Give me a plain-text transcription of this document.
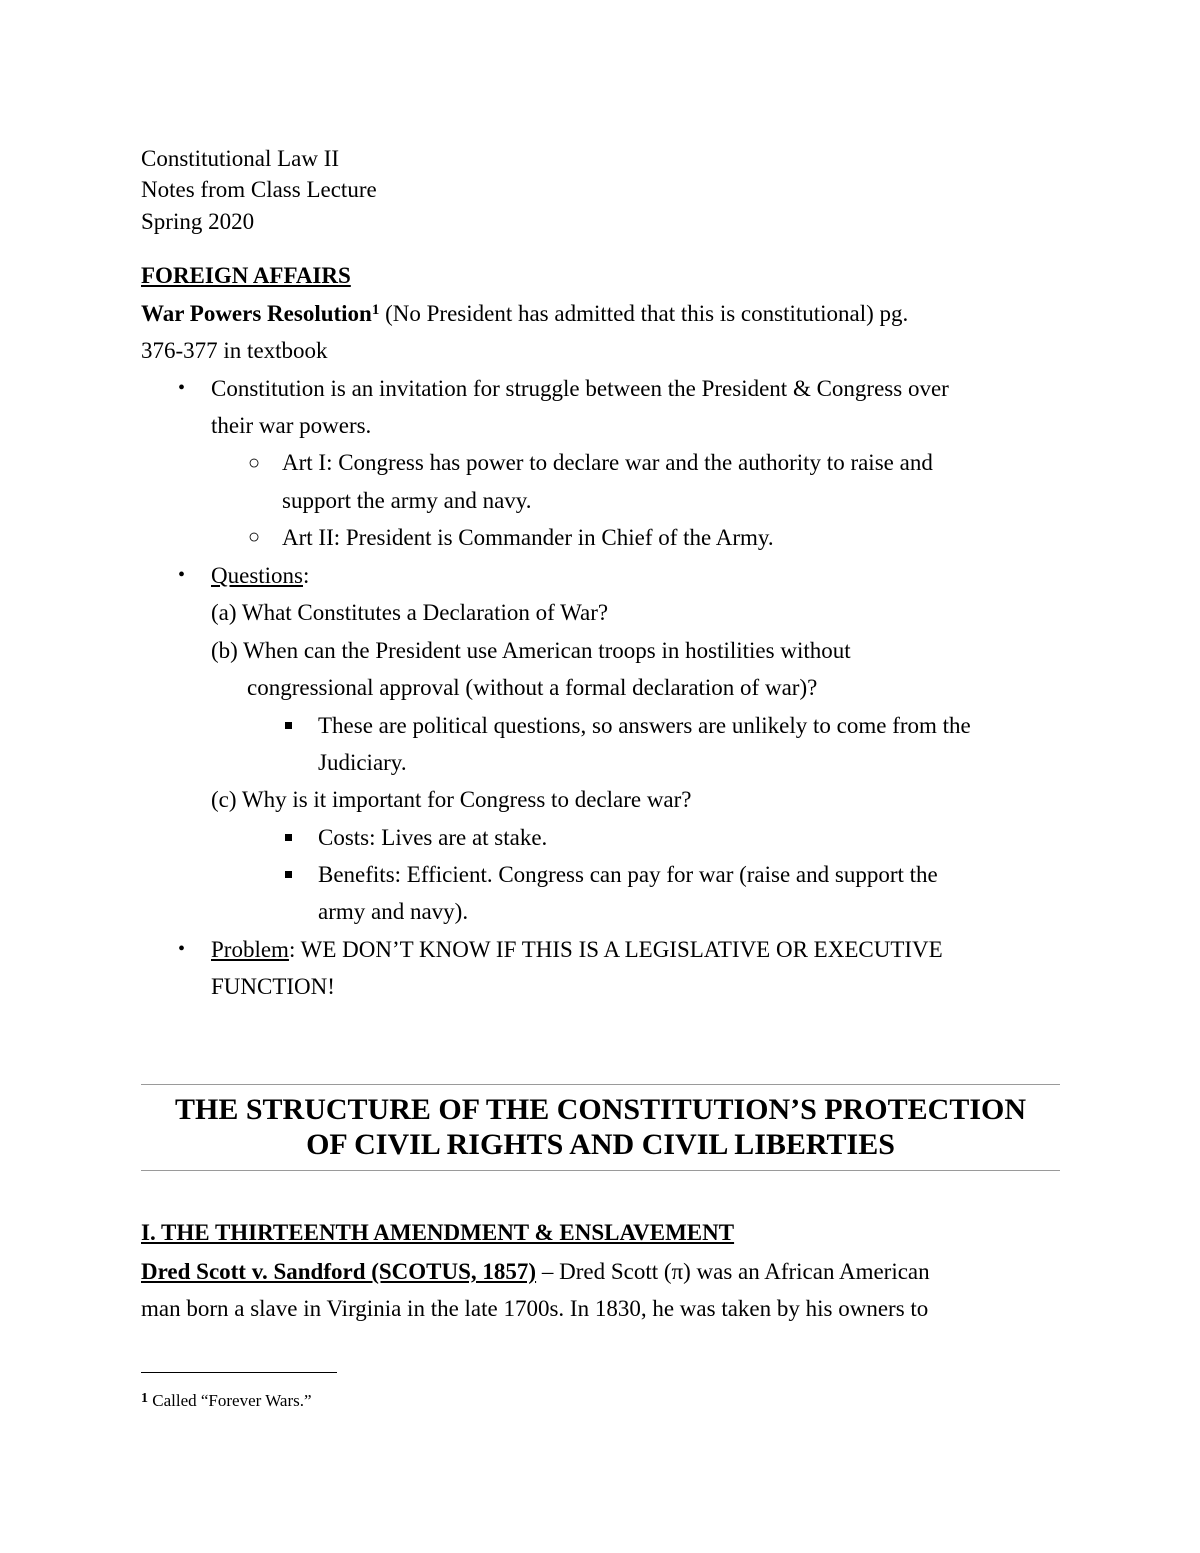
Constitutional Law II
Notes from Class Lecture
Spring 2020
FOREIGN AFFAIRS
War Powers Resolution$^1$ (No President has admitted that this is constitutional) pg.
376-377 in textbook
• Constitution is an invitation for struggle between the President & Congress over
their war powers.
○ Art I: Congress has power to declare war and the authority to raise and
support the army and navy.
○ Art II: President is Commander in Chief of the Army.
• Questions:
(a) What Constitutes a Declaration of War?
(b) When can the President use American troops in hostilities without
congressional approval (without a formal declaration of war)?
These are political questions, so answers are unlikely to come from the
Judiciary.
(c) Why is it important for Congress to declare war?
Costs: Lives are at stake.
Benefits: Efficient. Congress can pay for war (raise and support the
army and navy).
• Problem: WE DON’T KNOW IF THIS IS A LEGISLATIVE OR EXECUTIVE
FUNCTION!
THE STRUCTURE OF THE CONSTITUTION’S PROTECTION
OF CIVIL RIGHTS AND CIVIL LIBERTIES
I. THE THIRTEENTH AMENDMENT & ENSLAVEMENT
Dred Scott v. Sandford (SCOTUS, 1857) – Dred Scott (π) was an African American
man born a slave in Virginia in the late 1700s. In 1830, he was taken by his owners to
$^1$ Called “Forever Wars.”
